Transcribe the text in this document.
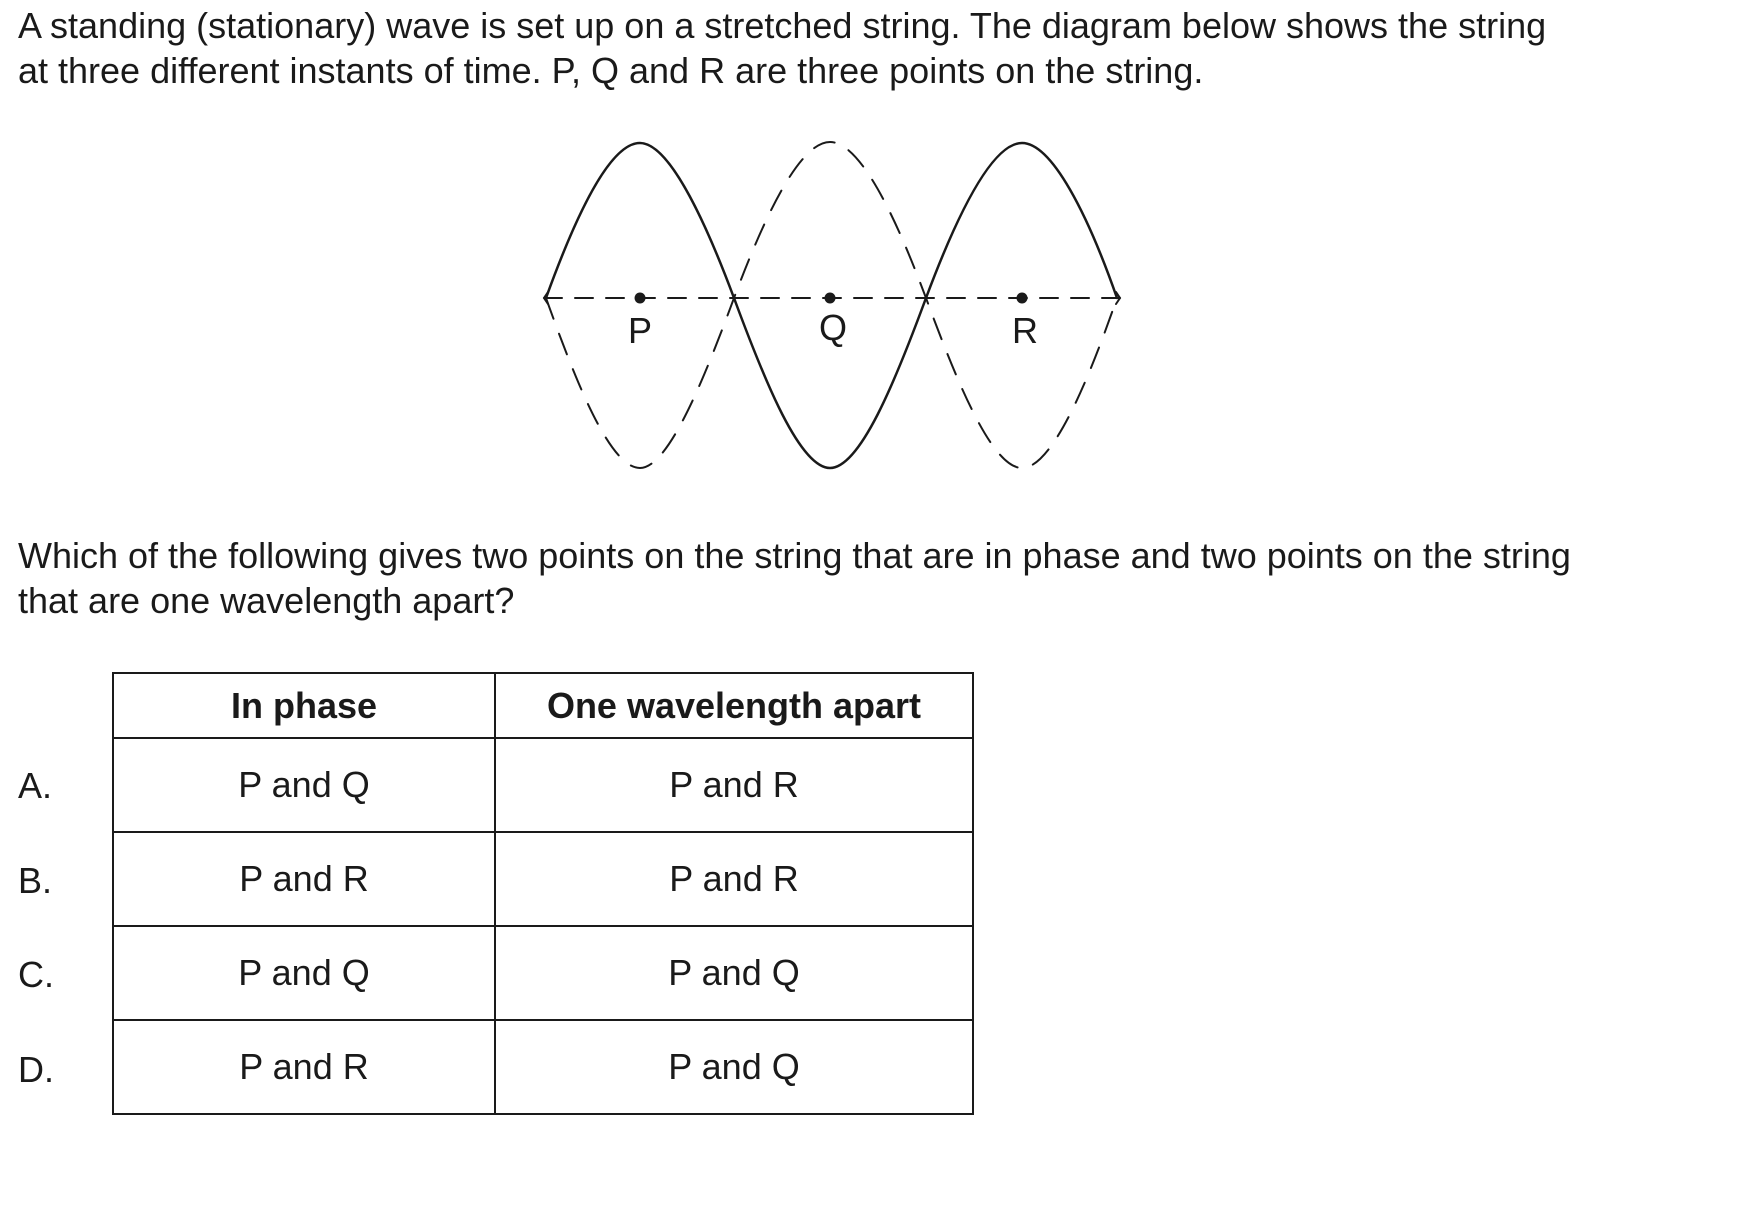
A standing (stationary) wave is set up on a stretched string. The diagram below shows the string
at three different instants of time. P, Q and R are three points on the string.

P	Q	R

Which of the following gives two points on the string that are in phase and two points on the string
that are one wavelength apart?

A.
B.
C.
D.
In phase	One wavelength apart
P and Q	P and R
P and R	P and R
P and Q	P and Q
P and R	P and Q
